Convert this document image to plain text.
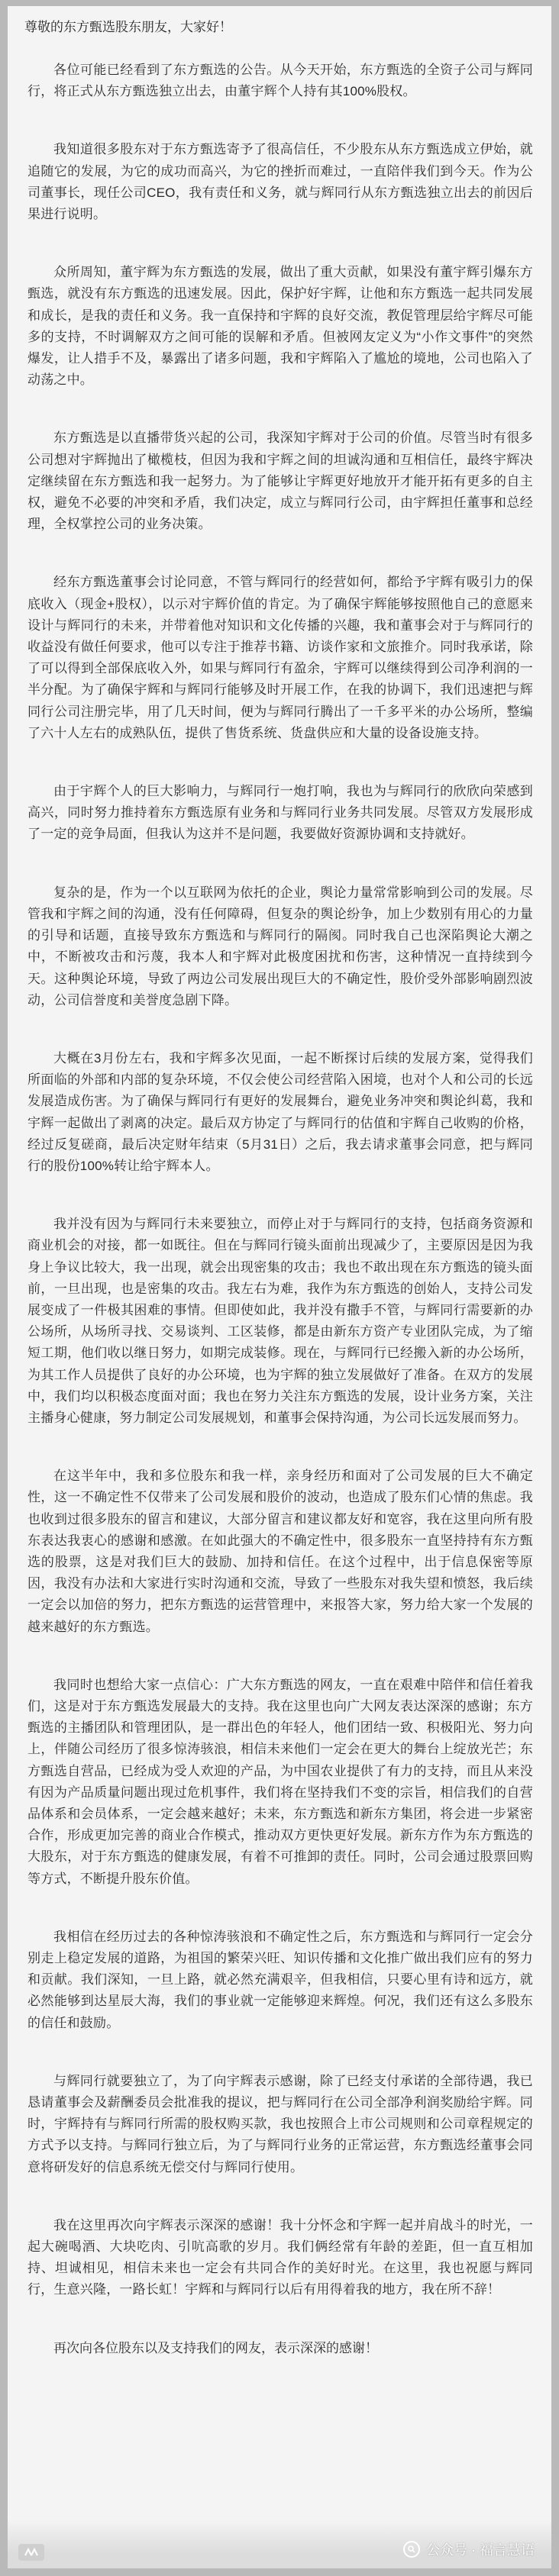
尊敬的东方甄选股东朋友，大家好！

各位可能已经看到了东方甄选的公告。从今天开始，东方甄选的全资子公司与辉同行，将正式从东方甄选独立出去，由董宇辉个人持有其100%股权。

我知道很多股东对于东方甄选寄予了很高信任，不少股东从东方甄选成立伊始，就追随它的发展，为它的成功而高兴，为它的挫折而难过，一直陪伴我们到今天。作为公司董事长，现任公司CEO，我有责任和义务，就与辉同行从东方甄选独立出去的前因后果进行说明。

众所周知，董宇辉为东方甄选的发展，做出了重大贡献，如果没有董宇辉引爆东方甄选，就没有东方甄选的迅速发展。因此，保护好宇辉，让他和东方甄选一起共同发展和成长，是我的责任和义务。我一直保持和宇辉的良好交流，教促管理层给宇辉尽可能多的支持，不时调解双方之间可能的误解和矛盾。但被网友定义为“小作文事件”的突然爆发，让人措手不及，暴露出了诸多问题，我和宇辉陷入了尴尬的境地，公司也陷入了动荡之中。

东方甄选是以直播带货兴起的公司，我深知宇辉对于公司的价值。尽管当时有很多公司想对宇辉抛出了橄榄枝，但因为我和宇辉之间的坦诚沟通和互相信任，最终宇辉决定继续留在东方甄选和我一起努力。为了能够让宇辉更好地放开才能开拓有更多的自主权，避免不必要的冲突和矛盾，我们决定，成立与辉同行公司，由宇辉担任董事和总经理，全权掌控公司的业务决策。

经东方甄选董事会讨论同意，不管与辉同行的经营如何，都给予宇辉有吸引力的保底收入（现金+股权），以示对宇辉价值的肯定。为了确保宇辉能够按照他自己的意愿来设计与辉同行的未来，并带着他对知识和文化传播的兴趣，我和董事会对于与辉同行的收益没有做任何要求，他可以专注于推荐书籍、访谈作家和文旅推介。同时我承诺，除了可以得到全部保底收入外，如果与辉同行有盈余，宇辉可以继续得到公司净利润的一半分配。为了确保宇辉和与辉同行能够及时开展工作，在我的协调下，我们迅速把与辉同行公司注册完毕，用了几天时间，便为与辉同行腾出了一千多平米的办公场所，整编了六十人左右的成熟队伍，提供了售货系统、货盘供应和大量的设备设施支持。

由于宇辉个人的巨大影响力，与辉同行一炮打响，我也为与辉同行的欣欣向荣感到高兴，同时努力推持着东方甄选原有业务和与辉同行业务共同发展。尽管双方发展形成了一定的竞争局面，但我认为这并不是问题，我要做好资源协调和支持就好。

复杂的是，作为一个以互联网为依托的企业，舆论力量常常影响到公司的发展。尽管我和宇辉之间的沟通，没有任何障碍，但复杂的舆论纷争，加上少数别有用心的力量的引导和话题，直接导致东方甄选和与辉同行的隔阂。同时我自己也深陷舆论大潮之中，不断被攻击和污蔑，我本人和宇辉对此极度困扰和伤害，这种情况一直持续到今天。这种舆论环境，导致了两边公司发展出现巨大的不确定性，股价受外部影响剧烈波动，公司信誉度和美誉度急剧下降。

大概在3月份左右，我和宇辉多次见面，一起不断探讨后续的发展方案，觉得我们所面临的外部和内部的复杂环境，不仅会使公司经营陷入困境，也对个人和公司的长远发展造成伤害。为了确保与辉同行有更好的发展舞台，避免业务冲突和舆论纠葛，我和宇辉一起做出了剥离的决定。最后双方协定了与辉同行的估值和宇辉自己收购的价格，经过反复磋商，最后决定财年结束（5月31日）之后，我去请求董事会同意，把与辉同行的股份100%转让给宇辉本人。

我并没有因为与辉同行未来要独立，而停止对于与辉同行的支持，包括商务资源和商业机会的对接，都一如既往。但在与辉同行镜头面前出现减少了，主要原因是因为我身上争议比较大，我一出现，就会出现密集的攻击；我也不敢出现在东方甄选的镜头面前，一旦出现，也是密集的攻击。我左右为难，我作为东方甄选的创始人，支持公司发展变成了一件极其困难的事情。但即使如此，我并没有撒手不管，与辉同行需要新的办公场所，从场所寻找、交易谈判、工区装修，都是由新东方资产专业团队完成，为了缩短工期，他们收以继日努力，如期完成装修。现在，与辉同行已经搬入新的办公场所，为其工作人员提供了良好的办公环境，也为宇辉的独立发展做好了准备。在双方的发展中，我们均以积极态度面对面；我也在努力关注东方甄选的发展，设计业务方案，关注主播身心健康，努力制定公司发展规划，和董事会保持沟通，为公司长远发展而努力。

在这半年中，我和多位股东和我一样，亲身经历和面对了公司发展的巨大不确定性，这一不确定性不仅带来了公司发展和股价的波动，也造成了股东们心情的焦虑。我也收到过很多股东的留言和建议，大部分留言和建议都友好和宽容，我在这里向所有股东表达我衷心的感谢和感激。在如此强大的不确定性中，很多股东一直坚持持有东方甄选的股票，这是对我们巨大的鼓励、加持和信任。在这个过程中，出于信息保密等原因，我没有办法和大家进行实时沟通和交流，导致了一些股东对我失望和愤怒，我后续一定会以加倍的努力，把东方甄选的运营管理中，来报答大家，努力给大家一个发展的越来越好的东方甄选。

我同时也想给大家一点信心：广大东方甄选的网友，一直在艰难中陪伴和信任着我们，这是对于东方甄选发展最大的支持。我在这里也向广大网友表达深深的感谢；东方甄选的主播团队和管理团队，是一群出色的年轻人，他们团结一致、积极阳光、努力向上，伴随公司经历了很多惊涛骇浪，相信未来他们一定会在更大的舞台上绽放光芒；东方甄选自营品，已经成为受人欢迎的产品，为中国农业提供了有力的支持，而且从来没有因为产品质量问题出现过危机事件，我们将在坚持我们不变的宗旨，相信我们的自营品体系和会员体系，一定会越来越好；未来，东方甄选和新东方集团，将会进一步紧密合作，形成更加完善的商业合作模式，推动双方更快更好发展。新东方作为东方甄选的大股东，对于东方甄选的健康发展，有着不可推卸的责任。同时，公司会通过股票回购等方式，不断提升股东价值。

我相信在经历过去的各种惊涛骇浪和不确定性之后，东方甄选和与辉同行一定会分别走上稳定发展的道路，为祖国的繁荣兴旺、知识传播和文化推广做出我们应有的努力和贡献。我们深知，一旦上路，就必然充满艰辛，但我相信，只要心里有诗和远方，就必然能够到达星辰大海，我们的事业就一定能够迎来辉煌。何况，我们还有这么多股东的信任和鼓励。

与辉同行就要独立了，为了向宇辉表示感谢，除了已经支付承诺的全部待遇，我已恳请董事会及薪酬委员会批准我的提议，把与辉同行在公司全部净利润奖励给宇辉。同时，宇辉持有与辉同行所需的股权购买款，我也按照合上市公司规则和公司章程规定的方式予以支持。与辉同行独立后，为了与辉同行业务的正常运营，东方甄选经董事会同意将研发好的信息系统无偿交付与辉同行使用。

我在这里再次向宇辉表示深深的感谢！我十分怀念和宇辉一起并肩战斗的时光，一起大碗喝酒、大块吃肉、引吭高歌的岁月。我们俩经常有年龄的差距，但一直互相加持、坦诚相见，相信未来也一定会有共同合作的美好时光。在这里，我也祝愿与辉同行，生意兴隆，一路长虹！宇辉和与辉同行以后有用得着我的地方，我在所不辞！

再次向各位股东以及支持我们的网友，表示深深的感谢！
公众号 · 福言慧语
